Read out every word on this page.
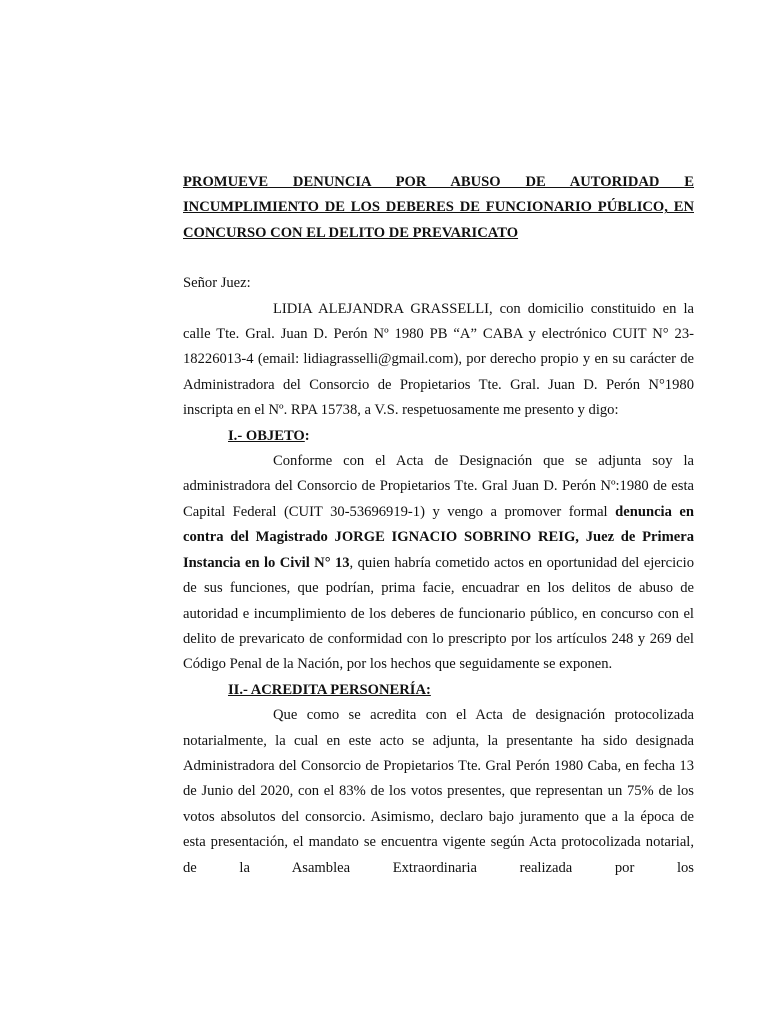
PROMUEVE DENUNCIA POR ABUSO DE AUTORIDAD E INCUMPLIMIENTO DE LOS DEBERES DE FUNCIONARIO PÚBLICO, EN CONCURSO CON EL DELITO DE PREVARICATO

Señor Juez:

LIDIA ALEJANDRA GRASSELLI, con domicilio constituido en la calle Tte. Gral. Juan D. Perón Nº 1980 PB “A” CABA y electrónico CUIT N° 23-18226013-4 (email: lidiagrasselli@gmail.com), por derecho propio y en su carácter de Administradora del Consorcio de Propietarios Tte. Gral. Juan D. Perón N°1980 inscripta en el Nº. RPA 15738, a V.S. respetuosamente me presento y digo:

I.- OBJETO:

Conforme con el Acta de Designación que se adjunta soy la administradora del Consorcio de Propietarios Tte. Gral Juan D. Perón Nº:1980 de esta Capital Federal (CUIT 30-53696919-1) y vengo a promover formal denuncia en contra del Magistrado JORGE IGNACIO SOBRINO REIG, Juez de Primera Instancia en lo Civil N° 13, quien habría cometido actos en oportunidad del ejercicio de sus funciones, que podrían, prima facie, encuadrar en los delitos de abuso de autoridad e incumplimiento de los deberes de funcionario público, en concurso con el delito de prevaricato de conformidad con lo prescripto por los artículos 248 y 269 del Código Penal de la Nación, por los hechos que seguidamente se exponen.

II.- ACREDITA PERSONERÍA:

Que como se acredita con el Acta de designación protocolizada notarialmente, la cual en este acto se adjunta, la presentante ha sido designada Administradora del Consorcio de Propietarios Tte. Gral Perón 1980 Caba, en fecha 13 de Junio del 2020, con el 83% de los votos presentes, que representan un 75% de los votos absolutos del consorcio. Asimismo, declaro bajo juramento que a la época de esta presentación, el mandato se encuentra vigente según Acta protocolizada notarial, de la Asamblea Extraordinaria realizada por los
